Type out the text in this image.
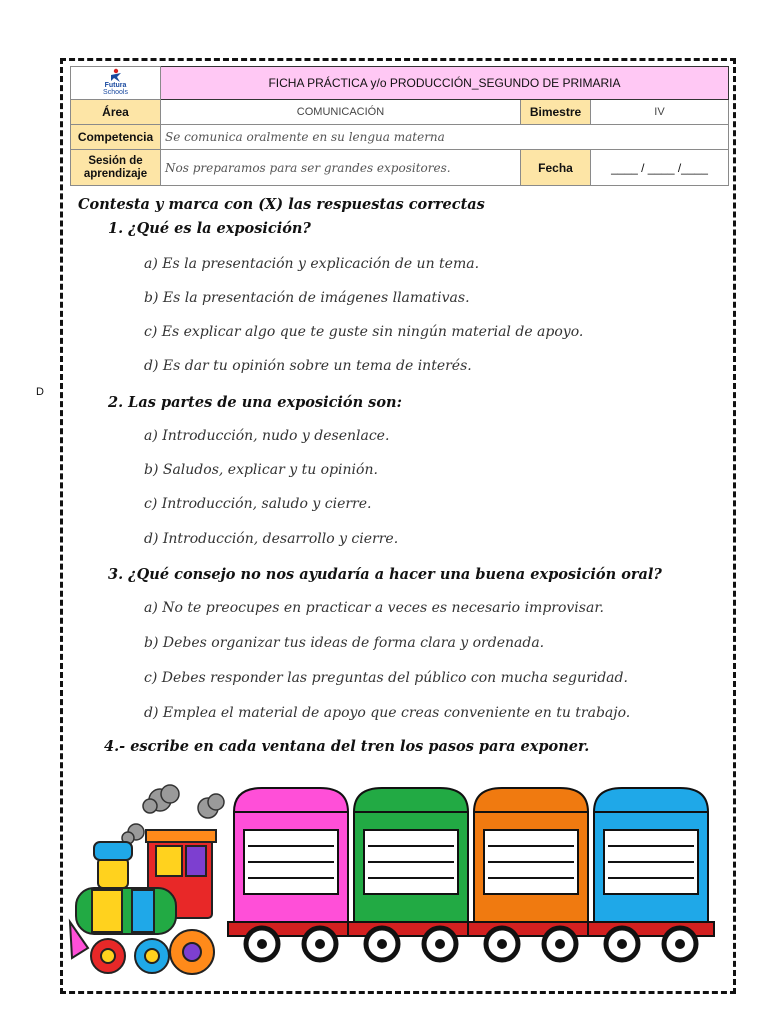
D
Futura
Schools	FICHA PRÁCTICA y/o PRODUCCIÓN_SEGUNDO DE PRIMARIA		
Área	COMUNICACIÓN	Bimestre	IV
Competencia	Se comunica oralmente en su lengua materna		
Sesión de aprendizaje	Nos preparamos para ser grandes expositores.	Fecha	____ / ____ /____
Contesta y marca con (X) las respuestas correctas
1. ¿Qué es la exposición?
a) Es la presentación y explicación de un tema.
b) Es la presentación de imágenes llamativas.
c) Es explicar algo que te guste sin ningún material de apoyo.
d) Es dar tu opinión sobre un tema de interés.
2. Las partes de una exposición son:
a) Introducción, nudo y desenlace.
b) Saludos, explicar y tu opinión.
c) Introducción, saludo y cierre.
d) Introducción, desarrollo y cierre.
3. ¿Qué consejo no nos ayudaría a hacer una buena exposición oral?
a) No te preocupes en practicar a veces es necesario improvisar.
b) Debes organizar tus ideas de forma clara y ordenada.
c) Debes responder las preguntas del público con mucha seguridad.
d) Emplea el material de apoyo que creas conveniente en tu trabajo.
4.- escribe en cada ventana del tren los pasos para exponer.
